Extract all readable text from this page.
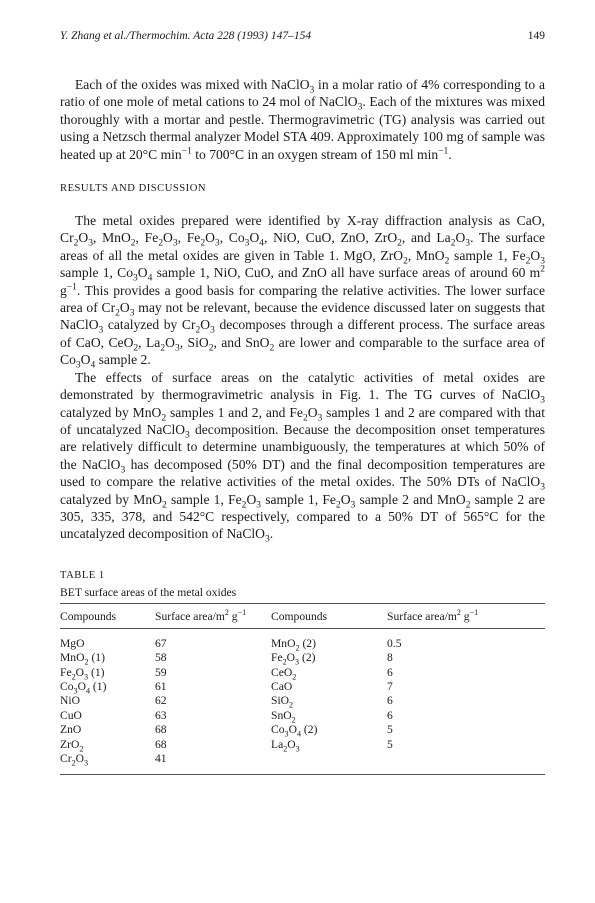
Y. Zhang et al./Thermochim. Acta 228 (1993) 147–154	149

Each of the oxides was mixed with NaClO$_3$ in a molar ratio of 4% corresponding to a ratio of one mole of metal cations to 24 mol of NaClO$_3$. Each of the mixtures was mixed thoroughly with a mortar and pestle. Thermogravimetric (TG) analysis was carried out using a Netzsch thermal analyzer Model STA 409. Approximately 100 mg of sample was heated up at 20°C $\min^{-1}$ to 700°C in an oxygen stream of 150 ml $\min^{-1}$.

RESULTS AND DISCUSSION

The metal oxides prepared were identified by X-ray diffraction analysis as CaO, $Cr_2O_3$, MnO$_2$, $Fe_2O_3$, $Fe_2O_3$, $Co_3O_4$, NiO, CuO, ZnO, ZrO$_2$, and $La_2O_3$. The surface areas of all the metal oxides are given in Table 1. MgO, ZrO$_2$, MnO$_2$ sample 1, $Fe_2O_3$ sample 1, $Co_3O_4$ sample 1, NiO, CuO, and ZnO all have surface areas of around 60 $m^2$ $g^{-1}$. This provides a good basis for comparing the relative activities. The lower surface area of $Cr_2O_3$ may not be relevant, because the evidence discussed later on suggests that NaClO$_3$ catalyzed by $Cr_2O_3$ decomposes through a different process. The surface areas of CaO, CeO$_2$, $La_2O_3$, SiO$_2$, and SnO$_2$ are lower and comparable to the surface area of $Co_3O_4$ sample 2.

The effects of surface areas on the catalytic activities of metal oxides are demonstrated by thermogravimetric analysis in Fig. 1. The TG curves of NaClO$_3$ catalyzed by MnO$_2$ samples 1 and 2, and $Fe_2O_3$ samples 1 and 2 are compared with that of uncatalyzed NaClO$_3$ decomposition. Because the decomposition onset temperatures are relatively difficult to determine unambiguously, the temperatures at which 50% of the NaClO$_3$ has decomposed (50% DT) and the final decomposition temperatures are used to compare the relative activities of the metal oxides. The 50% DTs of NaClO$_3$ catalyzed by MnO$_2$ sample 1, $Fe_2O_3$ sample 1, $Fe_2O_3$ sample 2 and MnO$_2$ sample 2 are 305, 335, 378, and 542°C respectively, compared to a 50% DT of 565°C for the uncatalyzed decomposition of NaClO$_3$.

TABLE 1
BET surface areas of the metal oxides
Compounds	Surface area/$m^2$ $g^{-1}$	Compounds	Surface area/$m^2$ $g^{-1}$
MgO	67	MnO$_2$ (2)	0.5
MnO$_2$ (1)	58	$Fe_2O_3$ (2)	8
$Fe_2O_3$ (1)	59	CeO$_2$	6
$Co_3O_4$ (1)	61	CaO	7
NiO	62	SiO$_2$	6
CuO	63	SnO$_2$	6
ZnO	68	$Co_3O_4$ (2)	5
ZrO$_2$	68	$La_2O_3$	5
$Cr_2O_3$	41		
